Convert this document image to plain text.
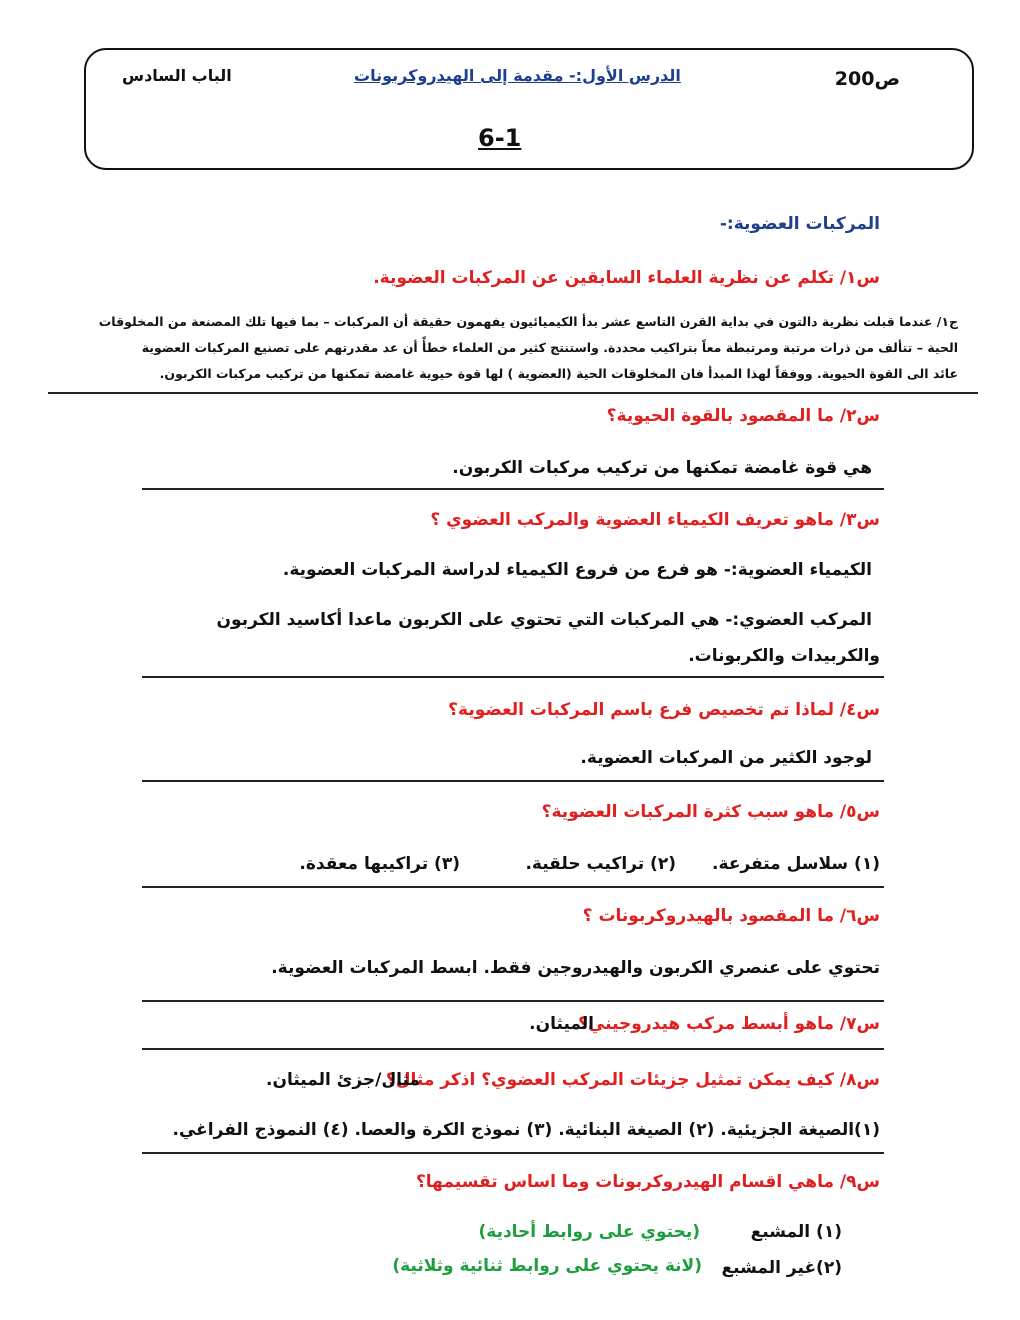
ص200
الدرس الأول:- مقدمة إلى الهيدروكربونات
الباب السادس
6-1
المركبات العضوية:-
س١/ تكلم عن نظرية العلماء السابقين عن المركبات العضوية.
ج١/ عندما قبلت نظرية دالتون في بداية القرن التاسع عشر بدأ الكيميائيون يفهمون حقيقة أن المركبات – بما فيها تلك المصنعة من المخلوقات
الحية – تتألف من ذرات مرتبة ومرتبطة معاً بتراكيب محددة. واستنتج كثير من العلماء خطأً أن عد مقدرتهم على تصنيع المركبات العضوية
عائد الى القوة الحيوية. ووفقاً لهذا المبدأ فان المخلوقات الحية (العضوية ) لها قوة حيوية غامضة تمكنها من تركيب مركبات الكربون.
س٢/ ما المقصود بالقوة الحيوية؟
هي قوة غامضة تمكنها من تركيب مركبات الكربون.
س٣/ ماهو تعريف الكيمياء العضوية والمركب العضوي ؟
الكيمياء العضوية:- هو فرع من فروع الكيمياء لدراسة المركبات العضوية.
المركب العضوي:- هي المركبات التي تحتوي على الكربون ماعدا أكاسيد الكربون
والكربيدات والكربونات.
س٤/ لماذا تم تخصيص فرع باسم المركبات العضوية؟
لوجود الكثير من المركبات العضوية.
س٥/ ماهو سبب كثرة المركبات العضوية؟
(١) سلاسل متفرعة.
(٢) تراكيب حلقية.
(٣) تراكيبها معقدة.
س٦/ ما المقصود بالهيدروكربونات ؟
تحتوي على عنصري الكربون والهيدروجين فقط. ابسط المركبات العضوية.
س٧/ ماهو أبسط مركب هيدروجيني؟
الميثان.
س٨/ كيف يمكن تمثيل جزيئات المركب العضوي؟ اذكر مثال؟
مثال/جزئ الميثان.
(١)الصيغة الجزيئية. (٢) الصيغة البنائية. (٣) نموذج الكرة والعصا. (٤) النموذج الفراغي.
س٩/ ماهي اقسام الهيدروكربونات وما اساس تقسيمها؟
(١) المشبع
(يحتوي على روابط أحادية)
(٢)غير المشبع
(لانة يحتوي على روابط ثنائية وثلاثية)
